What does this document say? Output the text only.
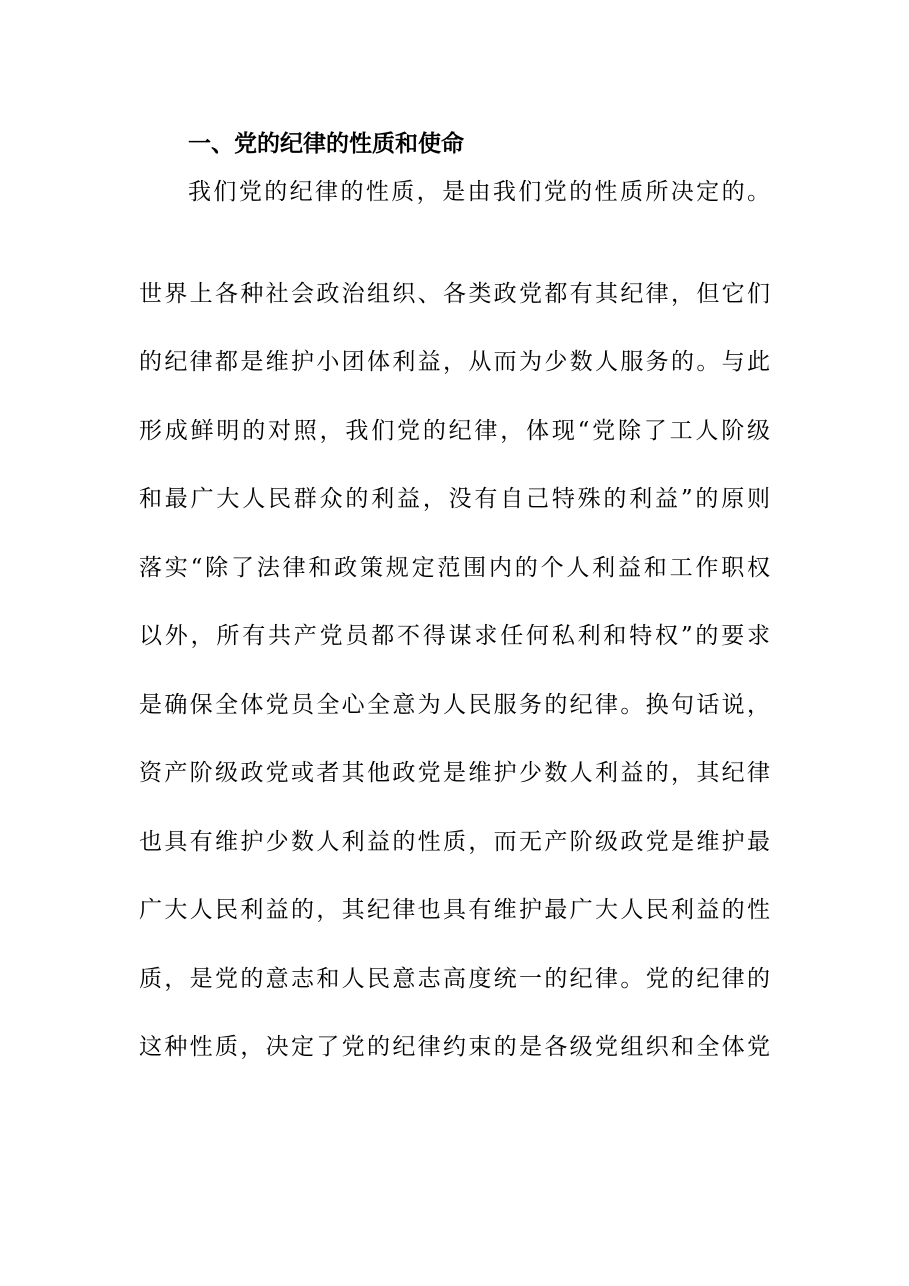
一、党的纪律的性质和使命
我们党的纪律的性质，是由我们党的性质所决定的。
世界上各种社会政治组织、各类政党都有其纪律，但它们
的纪律都是维护小团体利益，从而为少数人服务的。与此
形成鲜明的对照，我们党的纪律，体现“党除了工人阶级
和最广大人民群众的利益，没有自己特殊的利益”的原则
落实“除了法律和政策规定范围内的个人利益和工作职权
以外，所有共产党员都不得谋求任何私利和特权”的要求
是确保全体党员全心全意为人民服务的纪律。换句话说，
资产阶级政党或者其他政党是维护少数人利益的，其纪律
也具有维护少数人利益的性质，而无产阶级政党是维护最
广大人民利益的，其纪律也具有维护最广大人民利益的性
质，是党的意志和人民意志高度统一的纪律。党的纪律的
这种性质，决定了党的纪律约束的是各级党组织和全体党
